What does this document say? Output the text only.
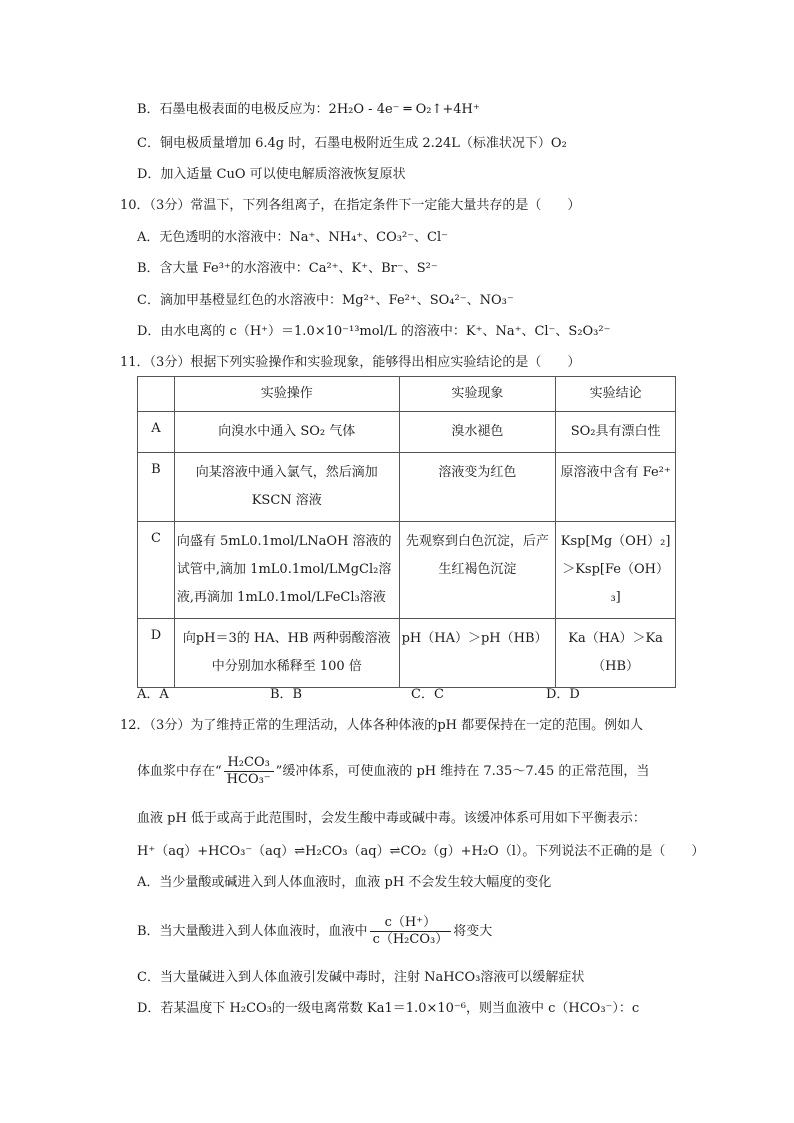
B．石墨电极表面的电极反应为：2H₂O - 4e⁻ ═ O₂↑+4H⁺
C．铜电极质量增加 6.4g 时，石墨电极附近生成 2.24L（标准状况下）O₂
D．加入适量 CuO 可以使电解质溶液恢复原状
10．（3分）常温下，下列各组离子，在指定条件下一定能大量共存的是（　　）
A．无色透明的水溶液中：Na⁺、NH₄⁺、CO₃²⁻、Cl⁻
B．含大量 Fe³⁺的水溶液中：Ca²⁺、K⁺、Br⁻、S²⁻
C．滴加甲基橙显红色的水溶液中：Mg²⁺、Fe²⁺、SO₄²⁻、NO₃⁻
D．由水电离的 c（H⁺）＝1.0×10⁻¹³mol/L 的溶液中：K⁺、Na⁺、Cl⁻、S₂O₃²⁻
11．（3分）根据下列实验操作和实验现象，能够得出相应实验结论的是（　　）
	实验操作	实验现象	实验结论
A	向溴水中通入 SO₂ 气体	溴水褪色	SO₂具有漂白性
B	向某溶液中通入氯气，然后滴加KSCN 溶液	溶液变为红色	原溶液中含有 Fe²⁺
C	向盛有 5mL0.1mol/LNaOH 溶液的试管中,滴加 1mL0.1mol/LMgCl₂溶液,再滴加 1mL0.1mol/LFeCl₃溶液	先观察到白色沉淀，后产生红褐色沉淀	Ksp[Mg（OH）₂]＞Ksp[Fe（OH）₃]
D	向pH＝3的 HA、HB 两种弱酸溶液中分别加水稀释至 100 倍	pH（HA）＞pH（HB）	Ka（HA）＞Ka（HB）
A．A	B．B	C．C	D．D
12．（3分）为了维持正常的生理活动，人体各种体液的pH 都要保持在一定的范围。例如人
体血浆中存在“ $\frac{\text{H₂CO₃}}{\text{HCO₃⁻}}$ ”缓冲体系，可使血液的 pH 维持在 7.35～7.45 的正常范围，当
血液 pH 低于或高于此范围时，会发生酸中毒或碱中毒。该缓冲体系可用如下平衡表示：
H⁺（aq）+HCO₃⁻（aq）⇌H₂CO₃（aq）⇌CO₂（g）+H₂O（l）。下列说法不正确的是（　　）
A．当少量酸或碱进入到人体血液时，血液 pH 不会发生较大幅度的变化
B．当大量酸进入到人体血液时，血液中 $\frac{c(H^+)}{\text{c（H₂CO₃）}}$ 将变大
C．当大量碱进入到人体血液引发碱中毒时，注射 NaHCO₃溶液可以缓解症状
D．若某温度下 H₂CO₃的一级电离常数 Ka1＝1.0×10⁻⁶，则当血液中 c（HCO₃⁻）：c
